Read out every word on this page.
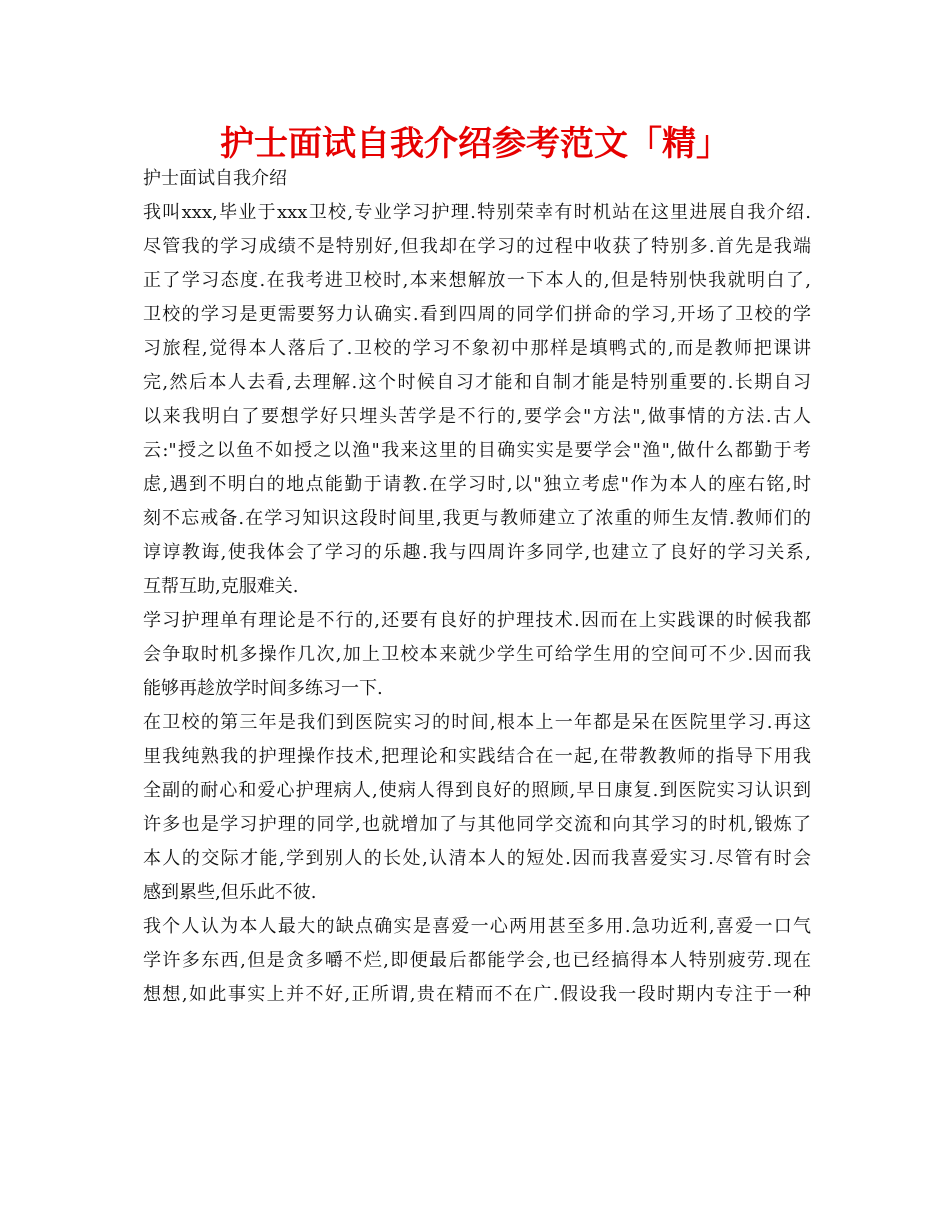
护士面试自我介绍参考范文「精」
护士面试自我介绍
我叫xxx,毕业于xxx卫校,专业学习护理.特别荣幸有时机站在这里进展自我介绍.
尽管我的学习成绩不是特别好,但我却在学习的过程中收获了特别多.首先是我端
正了学习态度.在我考进卫校时,本来想解放一下本人的,但是特别快我就明白了,
卫校的学习是更需要努力认确实.看到四周的同学们拼命的学习,开场了卫校的学
习旅程,觉得本人落后了.卫校的学习不象初中那样是填鸭式的,而是教师把课讲
完,然后本人去看,去理解.这个时候自习才能和自制才能是特别重要的.长期自习
以来我明白了要想学好只埋头苦学是不行的,要学会"方法",做事情的方法.古人
云:"授之以鱼不如授之以渔"我来这里的目确实实是要学会"渔",做什么都勤于考
虑,遇到不明白的地点能勤于请教.在学习时,以"独立考虑"作为本人的座右铭,时
刻不忘戒备.在学习知识这段时间里,我更与教师建立了浓重的师生友情.教师们的
谆谆教诲,使我体会了学习的乐趣.我与四周许多同学,也建立了良好的学习关系,
互帮互助,克服难关.
学习护理单有理论是不行的,还要有良好的护理技术.因而在上实践课的时候我都
会争取时机多操作几次,加上卫校本来就少学生可给学生用的空间可不少.因而我
能够再趁放学时间多练习一下.
在卫校的第三年是我们到医院实习的时间,根本上一年都是呆在医院里学习.再这
里我纯熟我的护理操作技术,把理论和实践结合在一起,在带教教师的指导下用我
全副的耐心和爱心护理病人,使病人得到良好的照顾,早日康复.到医院实习认识到
许多也是学习护理的同学,也就增加了与其他同学交流和向其学习的时机,锻炼了
本人的交际才能,学到别人的长处,认清本人的短处.因而我喜爱实习.尽管有时会
感到累些,但乐此不彼.
我个人认为本人最大的缺点确实是喜爱一心两用甚至多用.急功近利,喜爱一口气
学许多东西,但是贪多嚼不烂,即便最后都能学会,也已经搞得本人特别疲劳.现在
想想,如此事实上并不好,正所谓,贵在精而不在广.假设我一段时期内专注于一种
